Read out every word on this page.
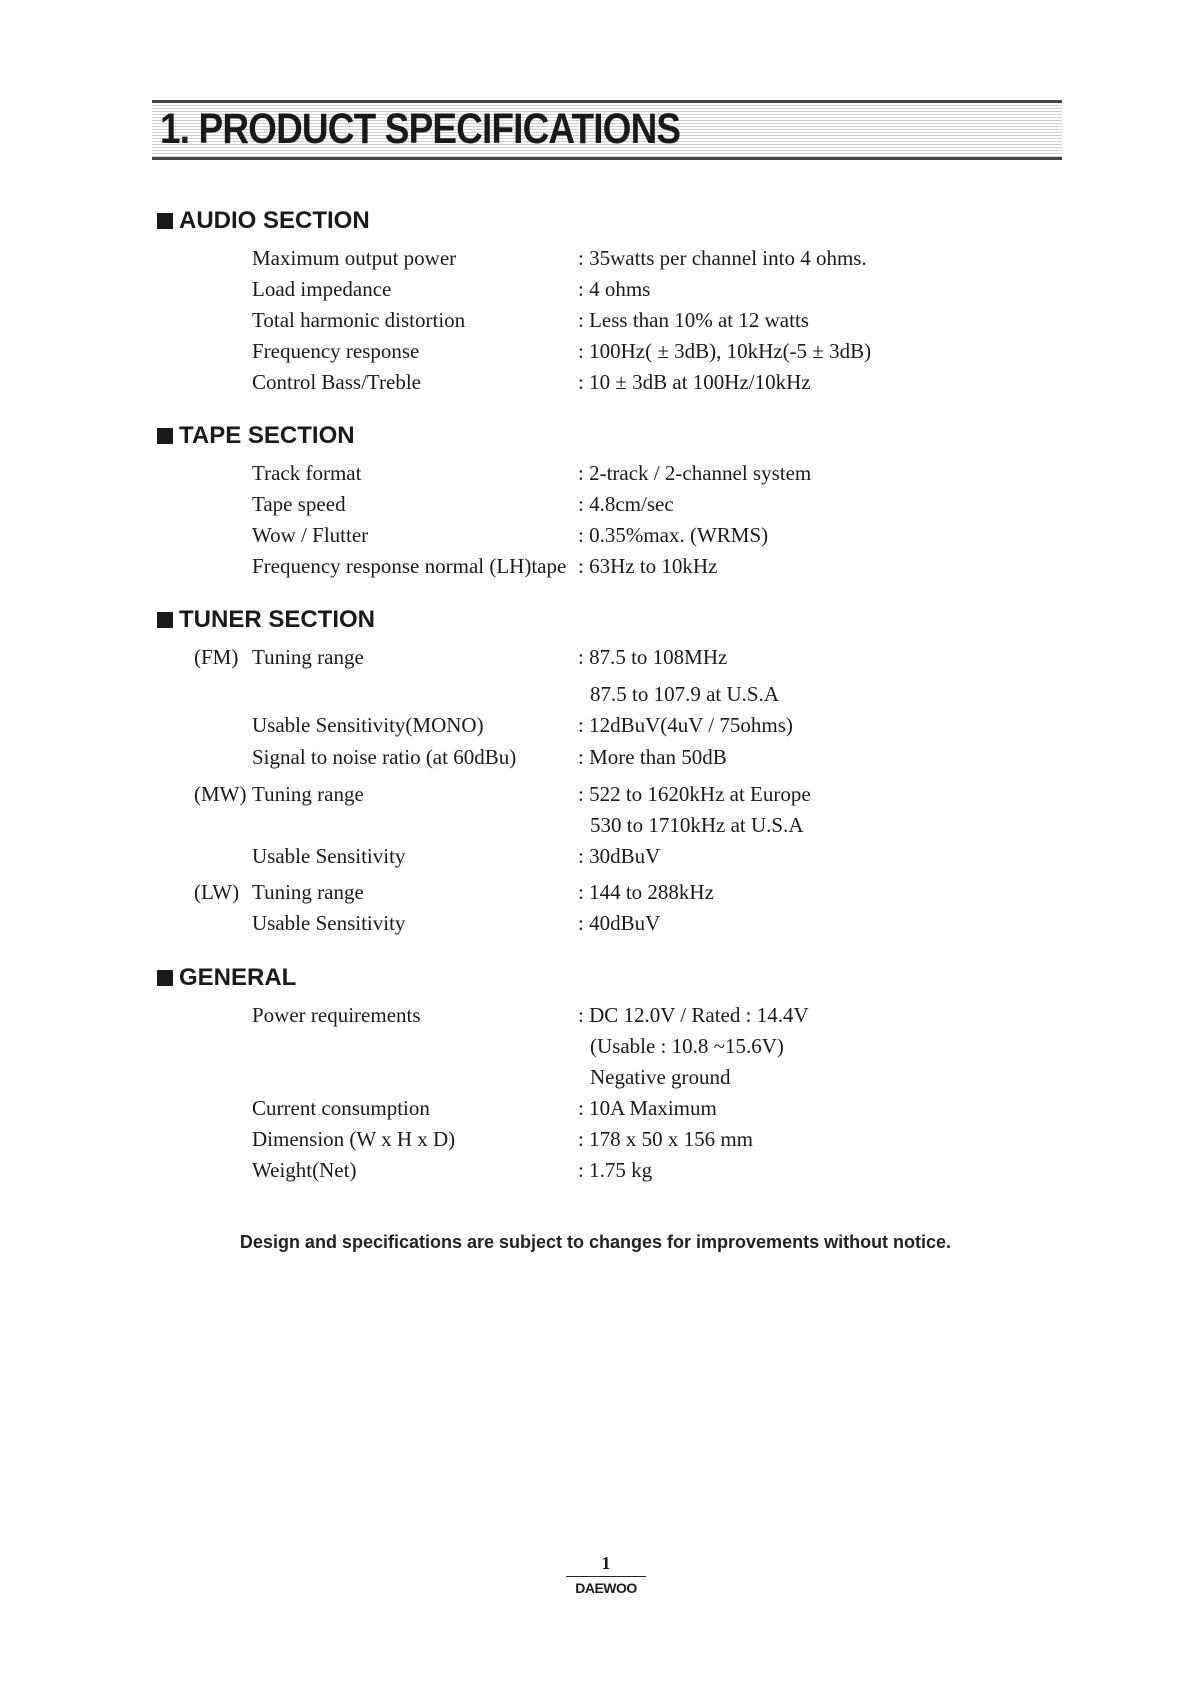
1. PRODUCT SPECIFICATIONS
AUDIO SECTION
Maximum output power	: 35watts per channel into 4 ohms.
Load impedance	: 4 ohms
Total harmonic distortion	: Less than 10% at 12 watts
Frequency response	: 100Hz( ± 3dB), 10kHz(-5 ± 3dB)
Control Bass/Treble	: 10 ± 3dB at 100Hz/10kHz
TAPE SECTION
Track format	: 2-track / 2-channel system
Tape speed	: 4.8cm/sec
Wow / Flutter	: 0.35%max. (WRMS)
Frequency response normal (LH)tape : 63Hz to 10kHz
TUNER SECTION
(FM) Tuning range	: 87.5 to 108MHz
87.5 to 107.9 at U.S.A
Usable Sensitivity(MONO)	: 12dBuV(4uV / 75ohms)
Signal to noise ratio (at 60dBu)	: More than 50dB
(MW) Tuning range	: 522 to 1620kHz at Europe
530 to 1710kHz at U.S.A
Usable Sensitivity	: 30dBuV
(LW) Tuning range	: 144 to 288kHz
Usable Sensitivity	: 40dBuV
GENERAL
Power requirements	: DC 12.0V / Rated : 14.4V
(Usable : 10.8 ~15.6V)
Negative ground
Current consumption	: 10A Maximum
Dimension (W x H x D)	: 178 x 50 x 156 mm
Weight(Net)	: 1.75 kg
Design and specifications are subject to changes for improvements without notice.
1
DAEWOO
